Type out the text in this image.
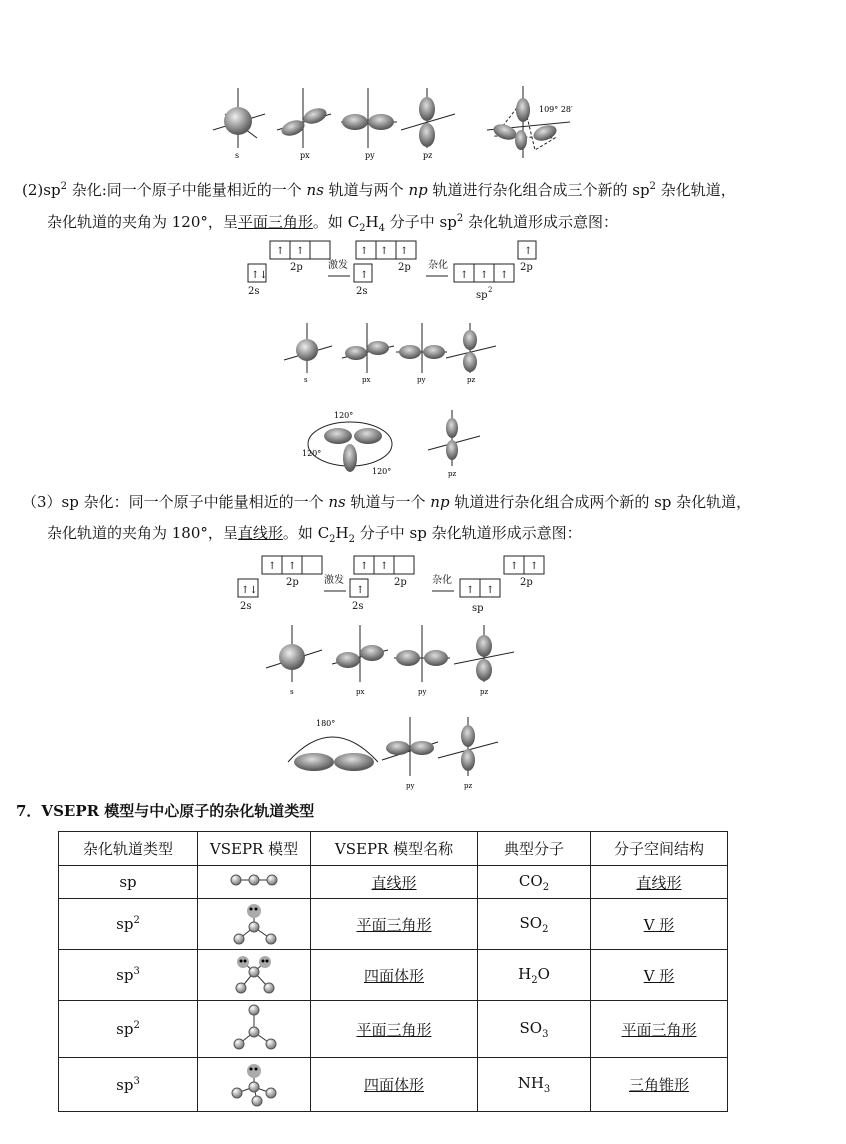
s	px	py	pz
109° 28′
$(2)sp^2$ 杂化:同一个原子中能量相近的一个 ns 轨道与两个 np 轨道进行杂化组合成三个新的 $sp^2$ 杂化轨道，
杂化轨道的夹角为 120°，呈平面三角形。如 $C_2H_4$ 分子中 $sp^2$ 杂化轨道形成示意图：
↑ ↑
↑↓
↑ ↑ ↑
↑	↑ ↑ ↑
↑
2p
2s
2p
2s
2p
激发	杂化
sp 2
s	px	py	pz
120°
120°
120°	pz
（3）sp 杂化：同一个原子中能量相近的一个 ns 轨道与一个 np 轨道进行杂化组合成两个新的 sp 杂化轨道，
杂化轨道的夹角为 180°，呈直线形。如 $C_2H_2$ 分子中 sp 杂化轨道形成示意图：
↑ ↑
↑↓
↑ ↑
↑	↑ ↑
↑ ↑
2p
2s
2p
2s
2p
激发	杂化
sp
s	px	py	pz
180°
py	pz
7．VSEPR 模型与中心原子的杂化轨道类型
杂化轨道类型	VSEPR 模型	VSEPR 模型名称	典型分子	分子空间结构
sp		直线形	$CO_2$	直线形
$sp^2$		平面三角形	$SO_2$	V 形
$sp^3$		四面体形	$H_2O$	V 形
$sp^2$		平面三角形	$SO_3$	平面三角形
$sp^3$		四面体形	$NH_3$	三角锥形
